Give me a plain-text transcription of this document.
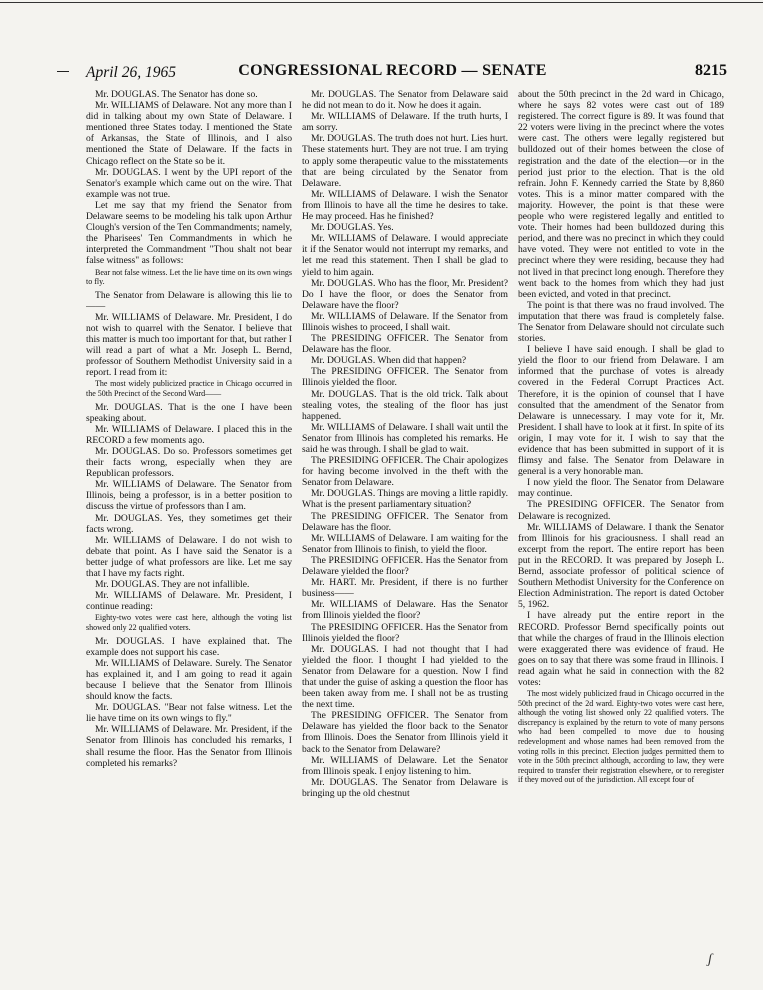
April 26, 1965	CONGRESSIONAL RECORD — SENATE	8215

Mr. DOUGLAS. The Senator has done so.

Mr. WILLIAMS of Delaware. Not any more than I did in talking about my own State of Delaware. I mentioned three States today. I mentioned the State of Arkansas, the State of Illinois, and I also mentioned the State of Delaware. If the facts in Chicago reflect on the State so be it.

Mr. DOUGLAS. I went by the UPI report of the Senator's example which came out on the wire. That example was not true.

Let me say that my friend the Senator from Delaware seems to be modeling his talk upon Arthur Clough's version of the Ten Commandments; namely, the Pharisees' Ten Commandments in which he interpreted the Commandment "Thou shalt not bear false witness" as follows:

Bear not false witness. Let the lie have time on its own wings to fly.

The Senator from Delaware is allowing this lie to——

Mr. WILLIAMS of Delaware. Mr. President, I do not wish to quarrel with the Senator. I believe that this matter is much too important for that, but rather I will read a part of what a Mr. Joseph L. Bernd, professor of Southern Methodist University said in a report. I read from it:

The most widely publicized practice in Chicago occurred in the 50th Precinct of the Second Ward——

Mr. DOUGLAS. That is the one I have been speaking about.

Mr. WILLIAMS of Delaware. I placed this in the RECORD a few moments ago.

Mr. DOUGLAS. Do so. Professors sometimes get their facts wrong, especially when they are Republican professors.

Mr. WILLIAMS of Delaware. The Senator from Illinois, being a professor, is in a better position to discuss the virtue of professors than I am.

Mr. DOUGLAS. Yes, they sometimes get their facts wrong.

Mr. WILLIAMS of Delaware. I do not wish to debate that point. As I have said the Senator is a better judge of what professors are like. Let me say that I have my facts right.

Mr. DOUGLAS. They are not infallible.

Mr. WILLIAMS of Delaware. Mr. President, I continue reading:

Eighty-two votes were cast here, although the voting list showed only 22 qualified voters.

Mr. DOUGLAS. I have explained that. The example does not support his case.

Mr. WILLIAMS of Delaware. Surely. The Senator has explained it, and I am going to read it again because I believe that the Senator from Illinois should know the facts.

Mr. DOUGLAS. "Bear not false witness. Let the lie have time on its own wings to fly."

Mr. WILLIAMS of Delaware. Mr. President, if the Senator from Illinois has concluded his remarks, I shall resume the floor. Has the Senator from Illinois completed his remarks?

Mr. DOUGLAS. The Senator from Delaware said he did not mean to do it. Now he does it again.

Mr. WILLIAMS of Delaware. If the truth hurts, I am sorry.

Mr. DOUGLAS. The truth does not hurt. Lies hurt. These statements hurt. They are not true. I am trying to apply some therapeutic value to the misstatements that are being circulated by the Senator from Delaware.

Mr. WILLIAMS of Delaware. I wish the Senator from Illinois to have all the time he desires to take. He may proceed. Has he finished?

Mr. DOUGLAS. Yes.

Mr. WILLIAMS of Delaware. I would appreciate it if the Senator would not interrupt my remarks, and let me read this statement. Then I shall be glad to yield to him again.

Mr. DOUGLAS. Who has the floor, Mr. President? Do I have the floor, or does the Senator from Delaware have the floor?

Mr. WILLIAMS of Delaware. If the Senator from Illinois wishes to proceed, I shall wait.

The PRESIDING OFFICER. The Senator from Delaware has the floor.

Mr. DOUGLAS. When did that happen?

The PRESIDING OFFICER. The Senator from Illinois yielded the floor.

Mr. DOUGLAS. That is the old trick. Talk about stealing votes, the stealing of the floor has just happened.

Mr. WILLIAMS of Delaware. I shall wait until the Senator from Illinois has completed his remarks. He said he was through. I shall be glad to wait.

The PRESIDING OFFICER. The Chair apologizes for having become involved in the theft with the Senator from Delaware.

Mr. DOUGLAS. Things are moving a little rapidly. What is the present parliamentary situation?

The PRESIDING OFFICER. The Senator from Delaware has the floor.

Mr. WILLIAMS of Delaware. I am waiting for the Senator from Illinois to finish, to yield the floor.

The PRESIDING OFFICER. Has the Senator from Delaware yielded the floor?

Mr. HART. Mr. President, if there is no further business——

Mr. WILLIAMS of Delaware. Has the Senator from Illinois yielded the floor?

The PRESIDING OFFICER. Has the Senator from Illinois yielded the floor?

Mr. DOUGLAS. I had not thought that I had yielded the floor. I thought I had yielded to the Senator from Delaware for a question. Now I find that under the guise of asking a question the floor has been taken away from me. I shall not be as trusting the next time.

The PRESIDING OFFICER. The Senator from Delaware has yielded the floor back to the Senator from Illinois. Does the Senator from Illinois yield it back to the Senator from Delaware?

Mr. WILLIAMS of Delaware. Let the Senator from Illinois speak. I enjoy listening to him.

Mr. DOUGLAS. The Senator from Delaware is bringing up the old chestnut

about the 50th precinct in the 2d ward in Chicago, where he says 82 votes were cast out of 189 registered. The correct figure is 89. It was found that 22 voters were living in the precinct where the votes were cast. The others were legally registered but bulldozed out of their homes between the close of registration and the date of the election—or in the period just prior to the election. That is the old refrain. John F. Kennedy carried the State by 8,860 votes. This is a minor matter compared with the majority. However, the point is that these were people who were registered legally and entitled to vote. Their homes had been bulldozed during this period, and there was no precinct in which they could have voted. They were not entitled to vote in the precinct where they were residing, because they had not lived in that precinct long enough. Therefore they went back to the homes from which they had just been evicted, and voted in that precinct.

The point is that there was no fraud involved. The imputation that there was fraud is completely false. The Senator from Delaware should not circulate such stories.

I believe I have said enough. I shall be glad to yield the floor to our friend from Delaware. I am informed that the purchase of votes is already covered in the Federal Corrupt Practices Act. Therefore, it is the opinion of counsel that I have consulted that the amendment of the Senator from Delaware is unnecessary. I may vote for it, Mr. President. I shall have to look at it first. In spite of its origin, I may vote for it. I wish to say that the evidence that has been submitted in support of it is flimsy and false. The Senator from Delaware in general is a very honorable man.

I now yield the floor. The Senator from Delaware may continue.

The PRESIDING OFFICER. The Senator from Delaware is recognized.

Mr. WILLIAMS of Delaware. I thank the Senator from Illinois for his graciousness. I shall read an excerpt from the report. The entire report has been put in the RECORD. It was prepared by Joseph L. Bernd, associate professor of political science of Southern Methodist University for the Conference on Election Administration. The report is dated October 5, 1962.

I have already put the entire report in the RECORD. Professor Bernd specifically points out that while the charges of fraud in the Illinois election were exaggerated there was evidence of fraud. He goes on to say that there was some fraud in Illinois. I read again what he said in connection with the 82 votes:

The most widely publicized fraud in Chicago occurred in the 50th precinct of the 2d ward. Eighty-two votes were cast here, although the voting list showed only 22 qualified voters. The discrepancy is explained by the return to vote of many persons who had been compelled to move due to housing redevelopment and whose names had been removed from the voting rolls in this precinct. Election judges permitted them to vote in the 50th precinct although, according to law, they were required to transfer their registration elsewhere, or to reregister if they moved out of the jurisdiction. All except four of

ʃ
